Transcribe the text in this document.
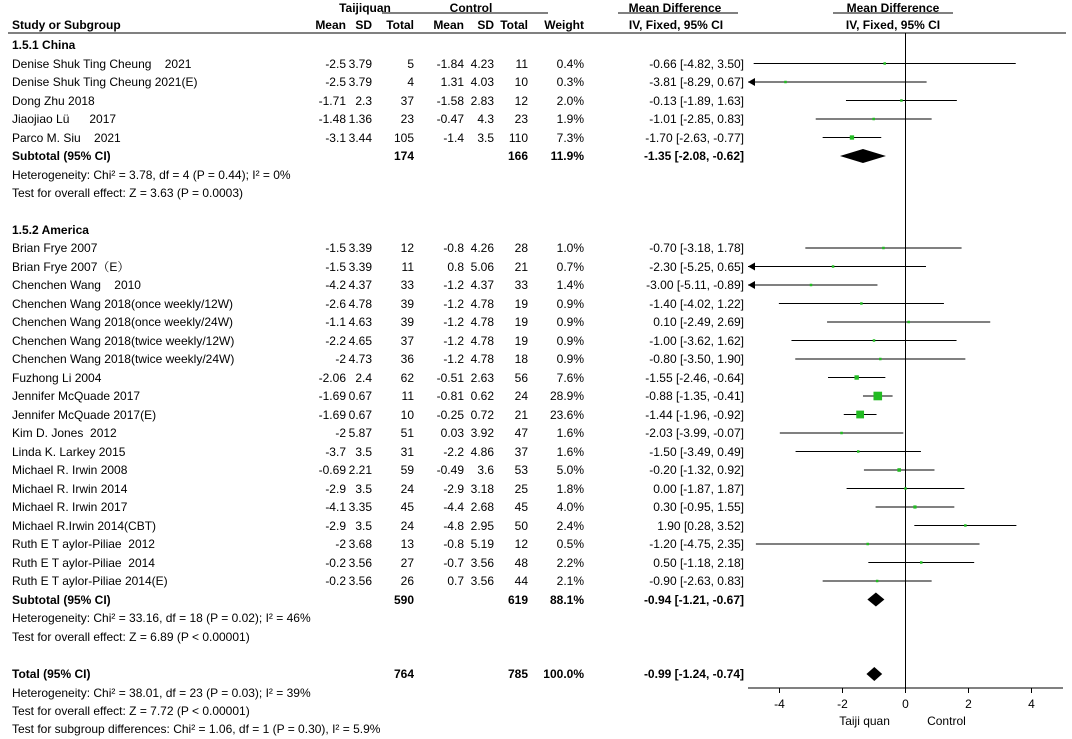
-4	-2	0	2	4
Taiji quan	Control
Taijiquan	Control	Mean Difference	Mean Difference
Study or Subgroup	Mean SD	Total	Mean	SD Total	Weight	IV, Fixed, 95% CI	IV, Fixed, 95% CI
1.5.1 China
Denise Shuk Ting Cheung    2021	-2.5 3.79	5	-1.84 4.23	11	0.4%	-0.66 [-4.82, 3.50]
Denise Shuk Ting Cheung 2021(E)	-2.5 3.79	4	1.31 4.03	10	0.3%	-3.81 [-8.29, 0.67]
Dong Zhu 2018	-1.71 2.3	37	-1.58 2.83	12	2.0%	-0.13 [-1.89, 1.63]
Jiaojiao Lü      2017	-1.48 1.36	23	-0.47	4.3	23	1.9%	-1.01 [-2.85, 0.83]
Parco M. Siu    2021	-3.1 3.44	105	-1.4	3.5	110	7.3%	-1.70 [-2.63, -0.77]
Subtotal (95% CI)	174	166	11.9%	-1.35 [-2.08, -0.62]
Heterogeneity: Chi² = 3.78, df = 4 (P = 0.44); I² = 0%
Test for overall effect: Z = 3.63 (P = 0.0003)
1.5.2 America
Brian Frye 2007	-1.5 3.39	12	-0.8 4.26	28	1.0%	-0.70 [-3.18, 1.78]
Brian Frye 2007（E）	-1.5 3.39	11	0.8 5.06	21	0.7%	-2.30 [-5.25, 0.65]
Chenchen Wang    2010	-4.2 4.37	33	-1.2 4.37	33	1.4%	-3.00 [-5.11, -0.89]
Chenchen Wang 2018(once weekly/12W)	-2.6 4.78	39	-1.2 4.78	19	0.9%	-1.40 [-4.02, 1.22]
Chenchen Wang 2018(once weekly/24W)	-1.1 4.63	39	-1.2 4.78	19	0.9%	0.10 [-2.49, 2.69]
Chenchen Wang 2018(twice weekly/12W)	-2.2 4.65	37	-1.2 4.78	19	0.9%	-1.00 [-3.62, 1.62]
Chenchen Wang 2018(twice weekly/24W)	-2 4.73	36	-1.2 4.78	18	0.9%	-0.80 [-3.50, 1.90]
Fuzhong Li 2004	-2.06 2.4	62	-0.51 2.63	56	7.6%	-1.55 [-2.46, -0.64]
Jennifer McQuade 2017	-1.69 0.67	11	-0.81 0.62	24	28.9%	-0.88 [-1.35, -0.41]
Jennifer McQuade 2017(E)	-1.69 0.67	10	-0.25 0.72	21	23.6%	-1.44 [-1.96, -0.92]
Kim D. Jones  2012	-2 5.87	51	0.03 3.92	47	1.6%	-2.03 [-3.99, -0.07]
Linda K. Larkey 2015	-3.7 3.5	31	-2.2 4.86	37	1.6%	-1.50 [-3.49, 0.49]
Michael R. Irwin 2008	-0.69 2.21	59	-0.49	3.6	53	5.0%	-0.20 [-1.32, 0.92]
Michael R. Irwin 2014	-2.9 3.5	24	-2.9 3.18	25	1.8%	0.00 [-1.87, 1.87]
Michael R. Irwin 2017	-4.1 3.35	45	-4.4 2.68	45	4.0%	0.30 [-0.95, 1.55]
Michael R.Irwin 2014(CBT)	-2.9 3.5	24	-4.8 2.95	50	2.4%	1.90 [0.28, 3.52]
Ruth E T aylor-Piliae  2012	-2 3.68	13	-0.8 5.19	12	0.5%	-1.20 [-4.75, 2.35]
Ruth E T aylor-Piliae  2014	-0.2 3.56	27	-0.7 3.56	48	2.2%	0.50 [-1.18, 2.18]
Ruth E T aylor-Piliae 2014(E)	-0.2 3.56	26	0.7 3.56	44	2.1%	-0.90 [-2.63, 0.83]
Subtotal (95% CI)	590	619	88.1%	-0.94 [-1.21, -0.67]
Heterogeneity: Chi² = 33.16, df = 18 (P = 0.02); I² = 46%
Test for overall effect: Z = 6.89 (P < 0.00001)
Total (95% CI)	764	785	100.0%	-0.99 [-1.24, -0.74]
Heterogeneity: Chi² = 38.01, df = 23 (P = 0.03); I² = 39%
Test for overall effect: Z = 7.72 (P < 0.00001)
Test for subgroup differences: Chi² = 1.06, df = 1 (P = 0.30), I² = 5.9%
